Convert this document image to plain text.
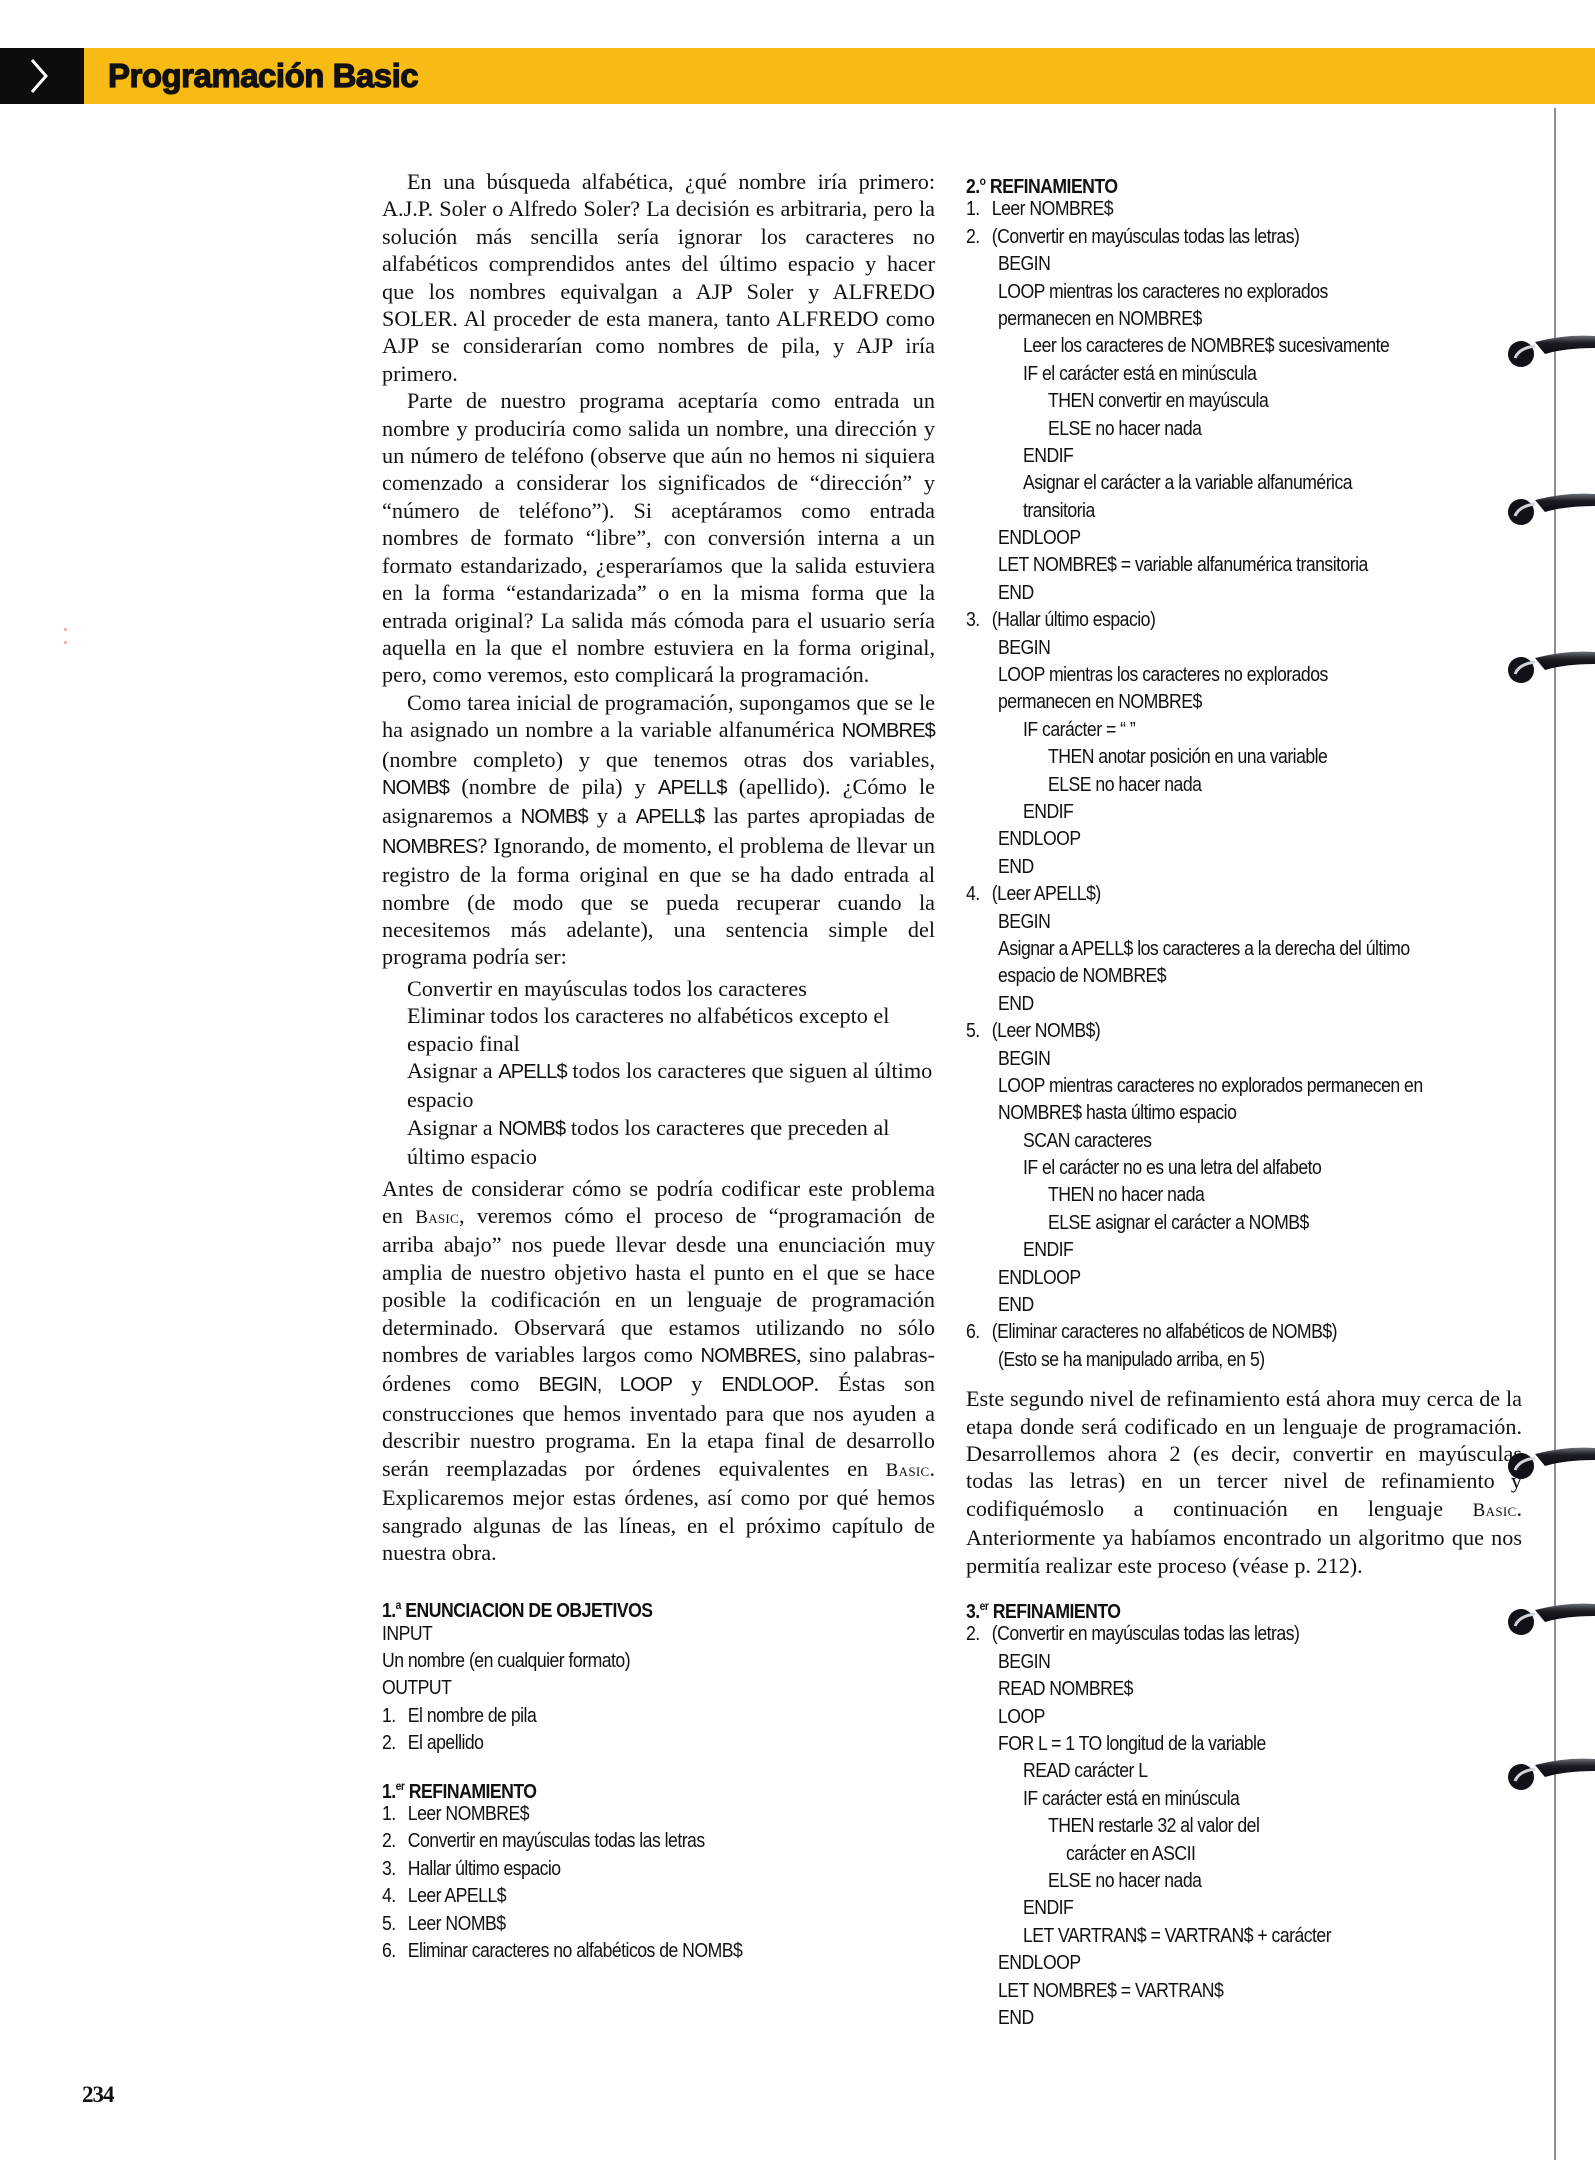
Programación Basic

En una búsqueda alfabética, ¿qué nombre iría primero: A.J.P. Soler o Alfredo Soler? La decisión es arbitraria, pero la solución más sencilla sería ignorar los caracteres no alfabéticos comprendidos antes del último espacio y hacer que los nombres equivalgan a AJP Soler y ALFREDO SOLER. Al proceder de esta manera, tanto ALFREDO como AJP se considerarían como nombres de pila, y AJP iría primero.

Parte de nuestro programa aceptaría como entrada un nombre y produciría como salida un nombre, una dirección y un número de teléfono (observe que aún no hemos ni siquiera comenzado a considerar los significados de “dirección” y “número de teléfono”). Si aceptáramos como entrada nombres de formato “libre”, con conversión interna a un formato estandarizado, ¿esperaríamos que la salida estuviera en la forma “estandarizada” o en la misma forma que la entrada original? La salida más cómoda para el usuario sería aquella en la que el nombre estuviera en la forma original, pero, como veremos, esto complicará la programación.

Como tarea inicial de programación, supongamos que se le ha asignado un nombre a la variable alfanumérica NOMBRE$ (nombre completo) y que tenemos otras dos variables, NOMB$ (nombre de pila) y APELL$ (apellido). ¿Cómo le asignaremos a NOMB$ y a APELL$ las partes apropiadas de NOMBRES? Ignorando, de momento, el problema de llevar un registro de la forma original en que se ha dado entrada al nombre (de modo que se pueda recuperar cuando la necesitemos más adelante), una sentencia simple del programa podría ser:

Convertir en mayúsculas todos los caracteres
Eliminar todos los caracteres no alfabéticos excepto el espacio final
Asignar a APELL$ todos los caracteres que siguen al último espacio
Asignar a NOMB$ todos los caracteres que preceden al último espacio

Antes de considerar cómo se podría codificar este problema en Basic, veremos cómo el proceso de “programación de arriba abajo” nos puede llevar desde una enunciación muy amplia de nuestro objetivo hasta el punto en el que se hace posible la codificación en un lenguaje de programación determinado. Observará que estamos utilizando no sólo nombres de variables largos como NOMBRES, sino palabras-órdenes como BEGIN, LOOP y ENDLOOP. Éstas son construcciones que hemos inventado para que nos ayuden a describir nuestro programa. En la etapa final de desarrollo serán reemplazadas por órdenes equivalentes en Basic. Explicaremos mejor estas órdenes, así como por qué hemos sangrado algunas de las líneas, en el próximo capítulo de nuestra obra.

1.$^a$ ENUNCIACION DE OBJETIVOS
INPUT
Un nombre (en cualquier formato)
OUTPUT
1. El nombre de pila
2. El apellido
1.$^{er}$ REFINAMIENTO
1. Leer NOMBRE$
2. Convertir en mayúsculas todas las letras
3. Hallar último espacio
4. Leer APELL$
5. Leer NOMB$
6. Eliminar caracteres no alfabéticos de NOMB$
2.$^o$ REFINAMIENTO
1. Leer NOMBRE$
2. (Convertir en mayúsculas todas las letras)
BEGIN
LOOP mientras los caracteres no explorados
permanecen en NOMBRE$
Leer los caracteres de NOMBRE$ sucesivamente
IF el carácter está en minúscula
THEN convertir en mayúscula
ELSE no hacer nada
ENDIF
Asignar el carácter a la variable alfanumérica
transitoria
ENDLOOP
LET NOMBRE$ = variable alfanumérica transitoria
END
3. (Hallar último espacio)
BEGIN
LOOP mientras los caracteres no explorados
permanecen en NOMBRE$
IF carácter = “ ”
THEN anotar posición en una variable
ELSE no hacer nada
ENDIF
ENDLOOP
END
4. (Leer APELL$)
BEGIN
Asignar a APELL$ los caracteres a la derecha del último
espacio de NOMBRE$
END
5. (Leer NOMB$)
BEGIN
LOOP mientras caracteres no explorados permanecen en
NOMBRE$ hasta último espacio
SCAN caracteres
IF el carácter no es una letra del alfabeto
THEN no hacer nada
ELSE asignar el carácter a NOMB$
ENDIF
ENDLOOP
END
6. (Eliminar caracteres no alfabéticos de NOMB$)
(Esto se ha manipulado arriba, en 5)

Este segundo nivel de refinamiento está ahora muy cerca de la etapa donde será codificado en un lenguaje de programación. Desarrollemos ahora 2 (es decir, convertir en mayúsculas todas las letras) en un tercer nivel de refinamiento y codifiquémoslo a continuación en lenguaje Basic. Anteriormente ya habíamos encontrado un algoritmo que nos permitía realizar este proceso (véase p. 212).

3.$^{er}$ REFINAMIENTO
2. (Convertir en mayúsculas todas las letras)
BEGIN
READ NOMBRE$
LOOP
FOR L = 1 TO longitud de la variable
READ carácter L
IF carácter está en minúscula
THEN restarle 32 al valor del
carácter en ASCII
ELSE no hacer nada
ENDIF
LET VARTRAN$ = VARTRAN$ + carácter
ENDLOOP
LET NOMBRE$ = VARTRAN$
END
234
